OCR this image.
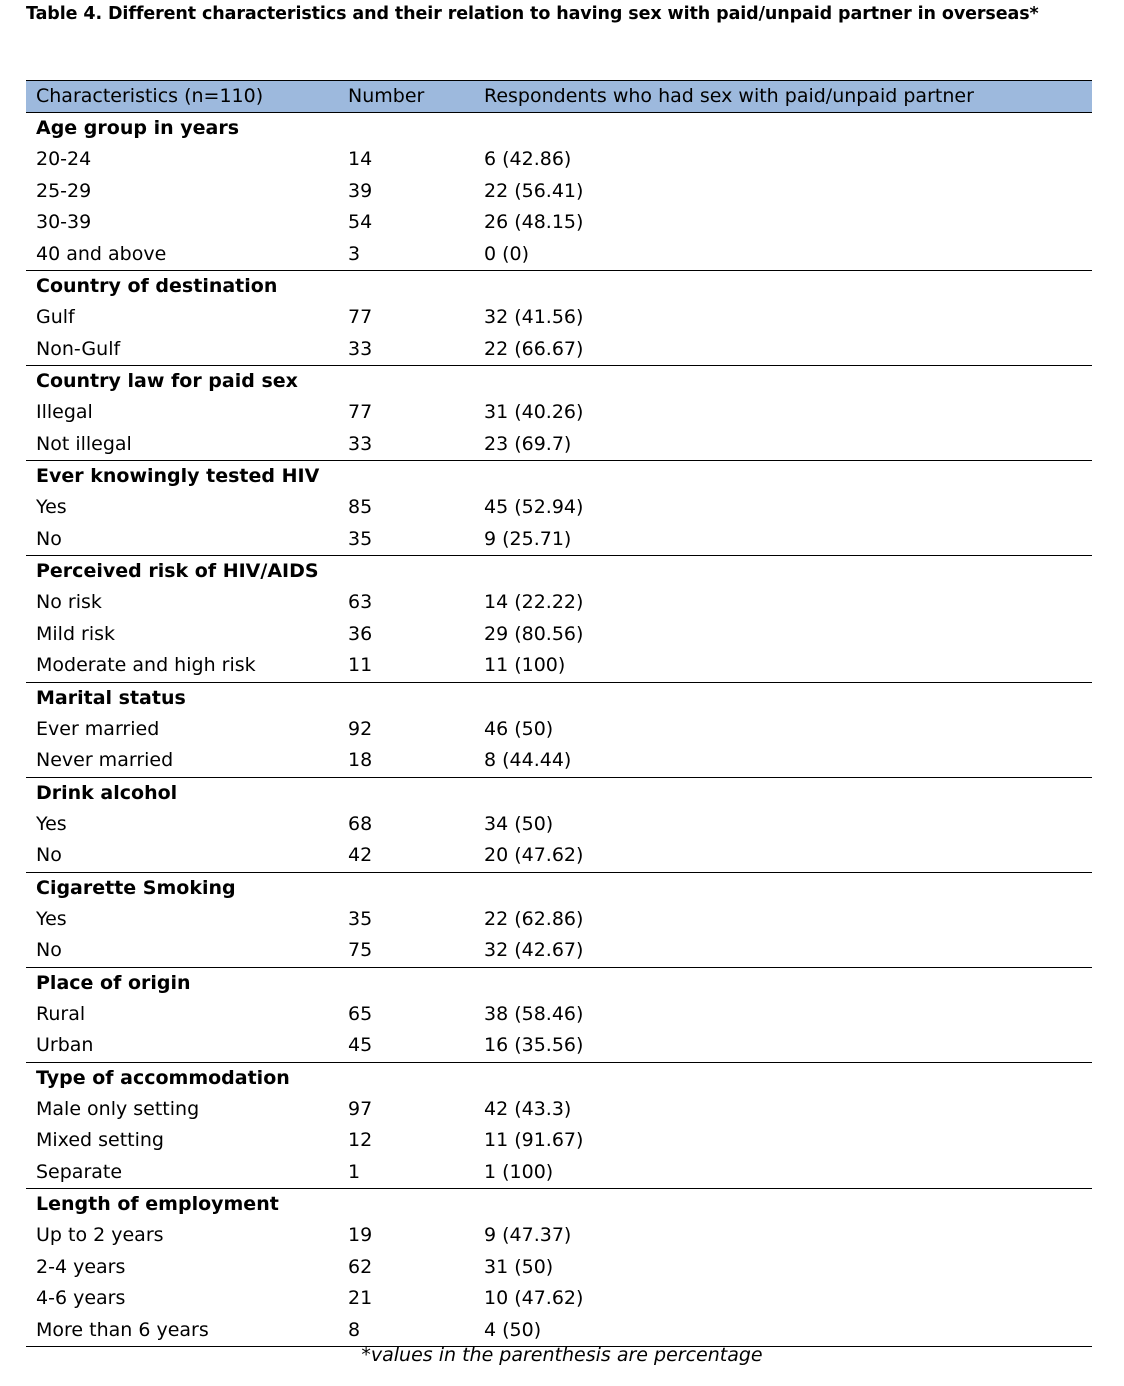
Table 4. Different characteristics and their relation to having sex with paid/unpaid partner in overseas*
Characteristics (n=110)	Number	Respondents who had sex with paid/unpaid partner
Age group in years
20-24	14	6 (42.86)
25-29	39	22 (56.41)
30-39	54	26 (48.15)
40 and above	3	0 (0)
Country of destination
Gulf	77	32 (41.56)
Non-Gulf	33	22 (66.67)
Country law for paid sex
Illegal	77	31 (40.26)
Not illegal	33	23 (69.7)
Ever knowingly tested HIV
Yes	85	45 (52.94)
No	35	9 (25.71)
Perceived risk of HIV/AIDS
No risk	63	14 (22.22)
Mild risk	36	29 (80.56)
Moderate and high risk	11	11 (100)
Marital status
Ever married	92	46 (50)
Never married	18	8 (44.44)
Drink alcohol
Yes	68	34 (50)
No	42	20 (47.62)
Cigarette Smoking
Yes	35	22 (62.86)
No	75	32 (42.67)
Place of origin
Rural	65	38 (58.46)
Urban	45	16 (35.56)
Type of accommodation
Male only setting	97	42 (43.3)
Mixed setting	12	11 (91.67)
Separate	1	1 (100)
Length of employment
Up to 2 years	19	9 (47.37)
2-4 years	62	31 (50)
4-6 years	21	10 (47.62)
More than 6 years	8	4 (50)
*values in the parenthesis are percentage
